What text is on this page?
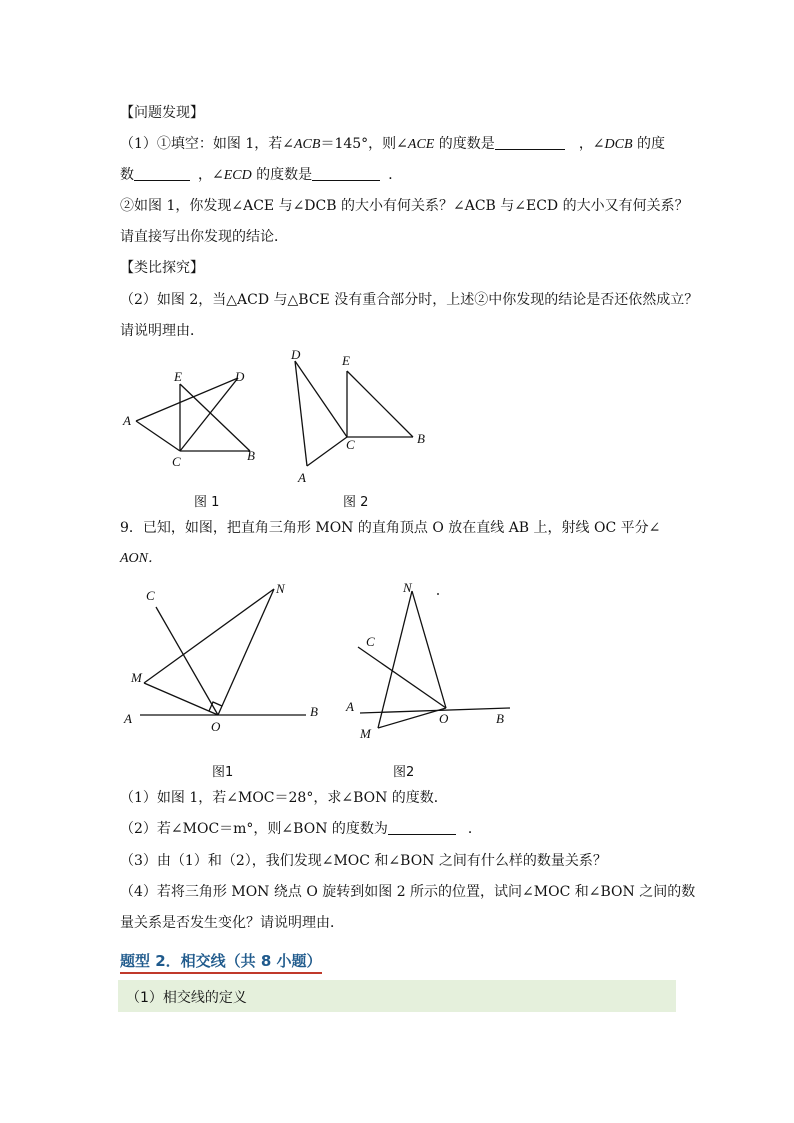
【问题发现】
（1）①填空：如图 1，若∠ACB＝145°，则∠ACE 的度数是	，∠DCB 的度
数	，∠ECD 的度数是	．
②如图 1，你发现∠ACE 与∠DCB 的大小有何关系？∠ACB 与∠ECD 的大小又有何关系？
请直接写出你发现的结论．
【类比探究】
（2）如图 2，当△ACD 与△BCE 没有重合部分时，上述②中你发现的结论是否还依然成立？
请说明理由．
E	D
A
C	B
图 1
D	E
C	B
A
图 2
9．已知，如图，把直角三角形 MON 的直角顶点 O 放在直线 AB 上，射线 OC 平分∠
AON．
C	N
M
A
O
B
图1
N
C
A
O	B
M
图2
（1）如图 1，若∠MOC＝28°，求∠BON 的度数．
（2）若∠MOC＝m°，则∠BON 的度数为	．
（3）由（1）和（2），我们发现∠MOC 和∠BON 之间有什么样的数量关系？
（4）若将三角形 MON 绕点 O 旋转到如图 2 所示的位置，试问∠MOC 和∠BON 之间的数
量关系是否发生变化？请说明理由．
题型 2．相交线（共 8 小题）
（1）相交线的定义
